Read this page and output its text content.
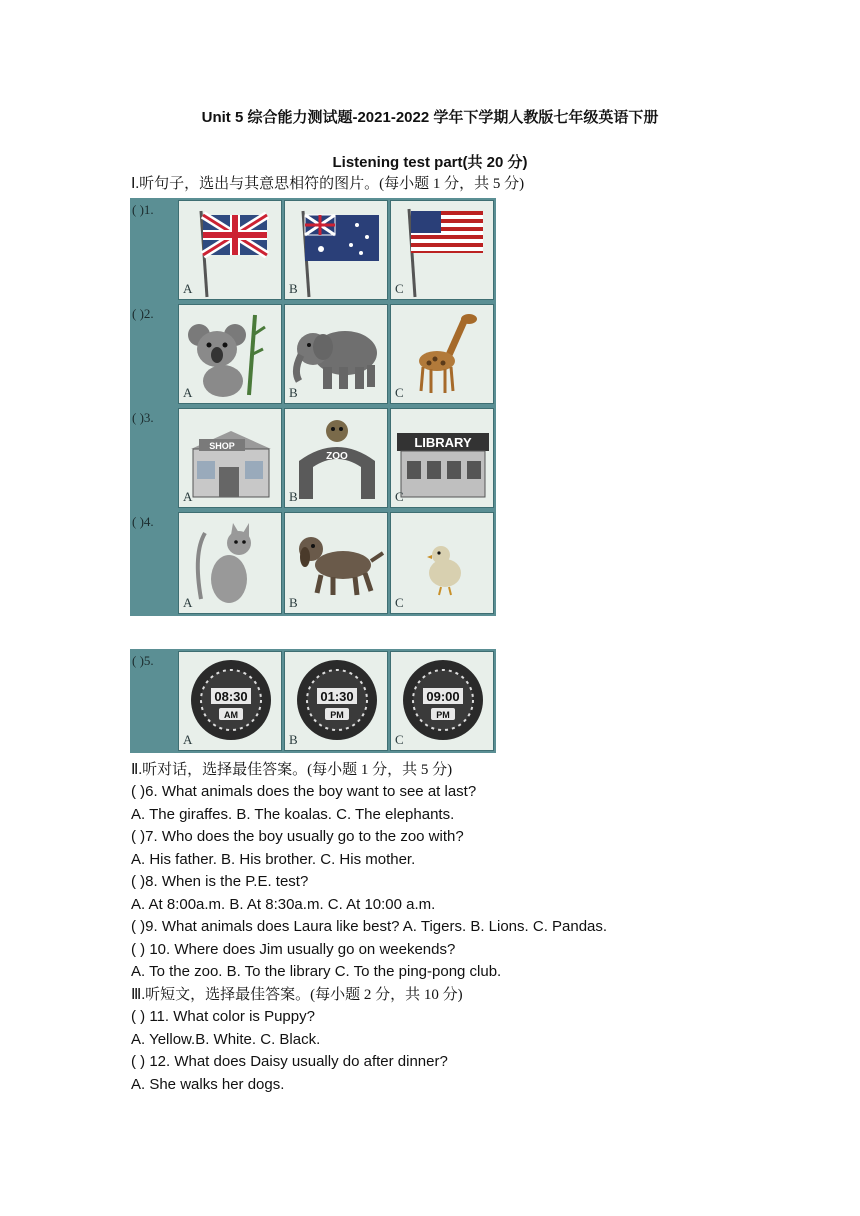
Unit 5 综合能力测试题-2021-2022 学年下学期人教版七年级英语下册
Listening test part(共 20 分)
Ⅰ.听句子，选出与其意思相符的图片。(每小题 1 分，共 5 分)
( )1.
A	B	C
( )2.
A	B	C
( )3.
SHOP
A
ZOO
B
LIBRARY
C
( )4.
A	B	C
( )5.
08:30
AM
A
01:30
PM
B
09:00
PM
C
Ⅱ.听对话，选择最佳答案。(每小题 1 分，共 5 分)
( )6. What animals does the boy want to see at last?
A. The giraffes. B. The koalas. C. The elephants.
( )7. Who does the boy usually go to the zoo with?
A. His father. B. His brother. C. His mother.
( )8. When is the P.E. test?
A. At 8:00a.m. B. At 8:30a.m. C. At 10:00 a.m.
( )9. What animals does Laura like best? A. Tigers. B. Lions. C. Pandas.
( ) 10. Where does Jim usually go on weekends?
A. To the zoo. B. To the library C. To the ping-pong club.
Ⅲ.听短文，选择最佳答案。(每小题 2 分，共 10 分)
( ) 11. What color is Puppy?
A. Yellow.B. White. C. Black.
( ) 12. What does Daisy usually do after dinner?
A. She walks her dogs.
